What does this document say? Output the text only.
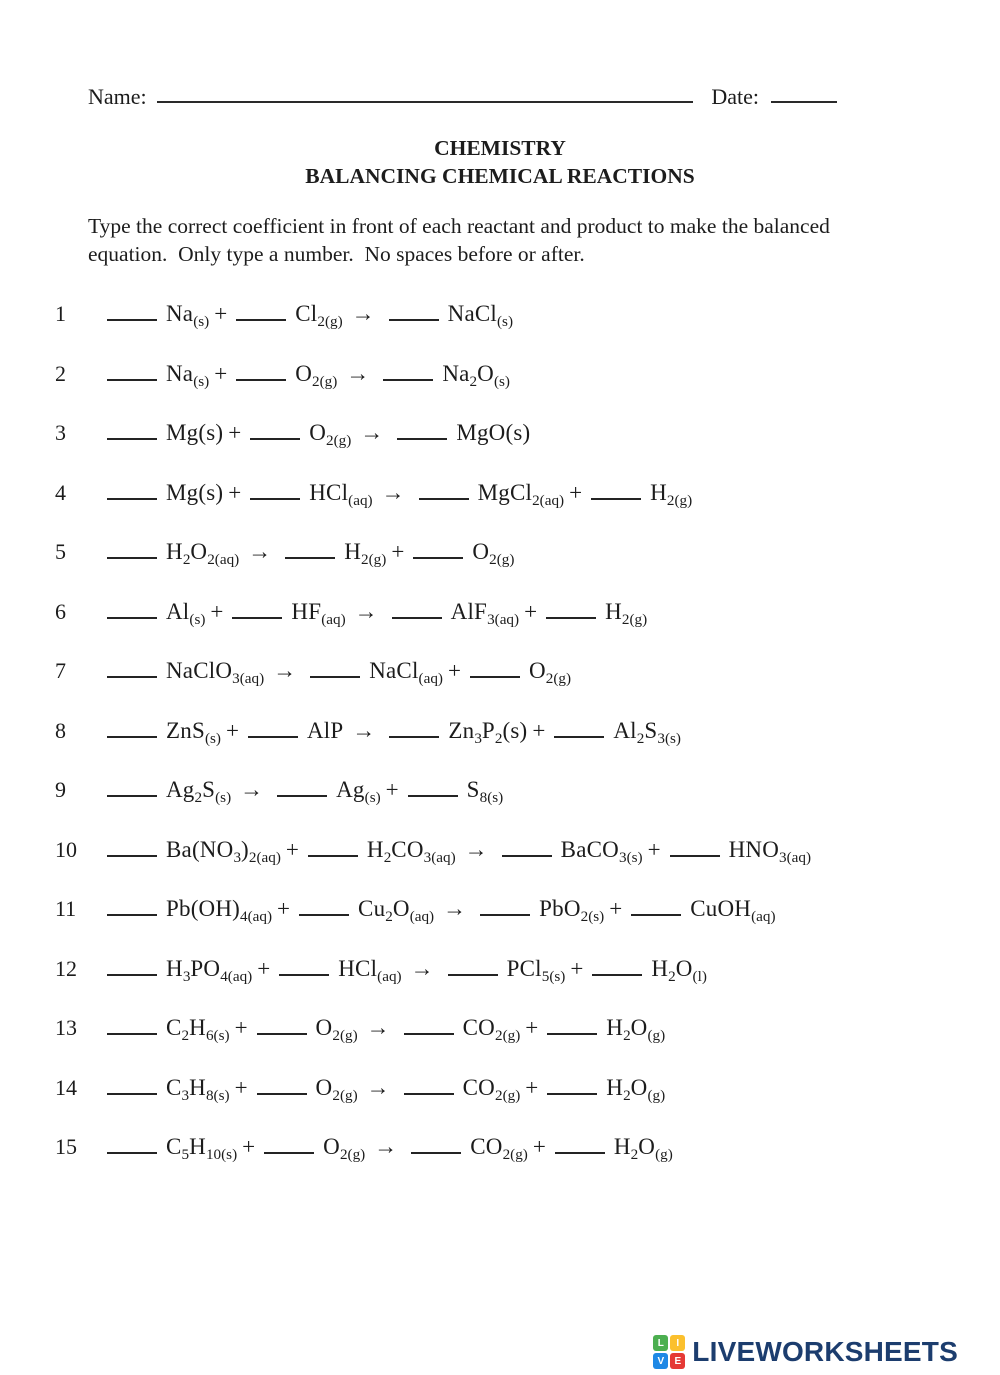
Name:	Date:
CHEMISTRY
BALANCING CHEMICAL REACTIONS
Type the correct coefficient in front of each reactant and product to make the balanced
equation.  Only type a number.  No spaces before or after.
1	$Na_{(s)}$ +	$Cl_{2(g)}$ →	NaCl$_{(s)}$
2	$Na_{(s)}$ +	$O_{2(g)}$ →	$Na_2O_{(s)}$
3	Mg(s) +	$O_{2(g)}$ →	MgO(s)
4	Mg(s) +	HCl$_{(aq)}$ →	MgCl$_{2(aq)}$ +	$H_{2(g)}$
5	$H_2O_{2(aq)}$ →	$H_{2(g)}$ +	$O_{2(g)}$
6	$Al_{(s)}$ +	$HF_{(aq)}$ →	AlF$_{3(aq)}$ +	$H_{2(g)}$
7	NaClO$_{3(aq)}$ →	NaCl$_{(aq)}$ +	$O_{2(g)}$
8	ZnS$_{(s)}$ +	AlP →	$Zn_3P_2(s)$ +	$Al_2S_{3(s)}$
9	$Ag_2S_{(s)}$ →	$Ag_{(s)}$ +	$S_{8(s)}$
10	$Ba(NO_3)_{2(aq)}$ +	$H_2CO_{3(aq)}$ →	BaCO$_{3(s)}$ +	$HNO_{3(aq)}$
11	$Pb(OH)_{4(aq)}$ +	$Cu_2O_{(aq)}$ →	PbO$_{2(s)}$ +	CuOH$_{(aq)}$
12	$H_3PO_{4(aq)}$ +	HCl$_{(aq)}$ →	PCl$_{5(s)}$ +	$H_2O_{(l)}$
13	$C_2H_{6(s)}$ +	$O_{2(g)}$ →	$CO_{2(g)}$ +	$H_2O_{(g)}$
14	$C_3H_{8(s)}$ +	$O_{2(g)}$ →	$CO_{2(g)}$ +	$H_2O_{(g)}$
15	$C_5H_{10(s)}$ +	$O_{2(g)}$ →	$CO_{2(g)}$ +	$H_2O_{(g)}$
L	I
V	E LIVEWORKSHEETS
